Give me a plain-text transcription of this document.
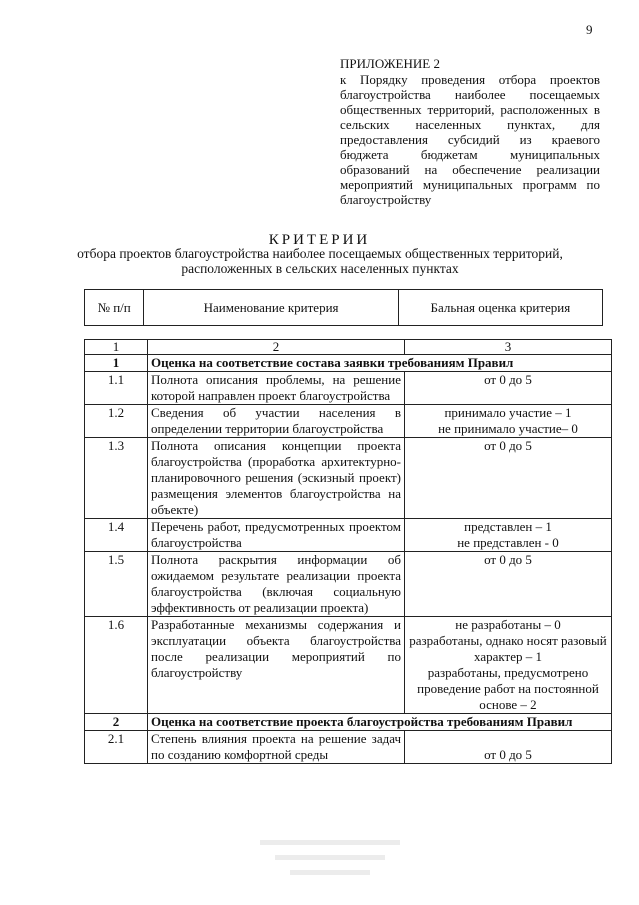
9
ПРИЛОЖЕНИЕ 2
к Порядку проведения отбора проектов благоустройства наиболее посещаемых общественных территорий, расположенных в сельских населенных пунктах, для предоставления субсидий из краевого бюджета бюджетам муниципальных образований на обеспечение реализации мероприятий муниципальных программ по благоустройству
КРИТЕРИИ
отбора проектов благоустройства наиболее посещаемых общественных территорий, расположенных в сельских населенных пунктах
№ п/п	Наименование критерия	Бальная оценка критерия
1	2	3
1	Оценка на соответствие состава заявки требованиям Правил	
1.1	Полнота описания проблемы, на решение которой направлен проект благоустройства	от 0 до 5
1.2	Сведения об участии населения в определении территории благоустройства	принимало участие – 1
не принимало участие– 0

1.3	Полнота описания концепции проекта благоустройства (проработка архитектурно-планировочного решения (эскизный проект) размещения элементов благоустройства на объекте)	от 0 до 5
1.4	Перечень работ, предусмотренных проектом благоустройства	представлен – 1
не представлен - 0

1.5	Полнота раскрытия информации об ожидаемом результате реализации проекта благоустройства (включая социальную эффективность от реализации проекта)	от 0 до 5
1.6	Разработанные механизмы содержания и эксплуатации объекта благоустройства после реализации мероприятий по благоустройству	не разработаны – 0
разработаны, однако носят разовый характер – 1
разработаны, предусмотрено проведение работ на постоянной основе – 2

2	Оценка на соответствие проекта благоустройства требованиям Правил	
2.1	Степень влияния проекта на решение задач по созданию комфортной среды	от 0 до 5
